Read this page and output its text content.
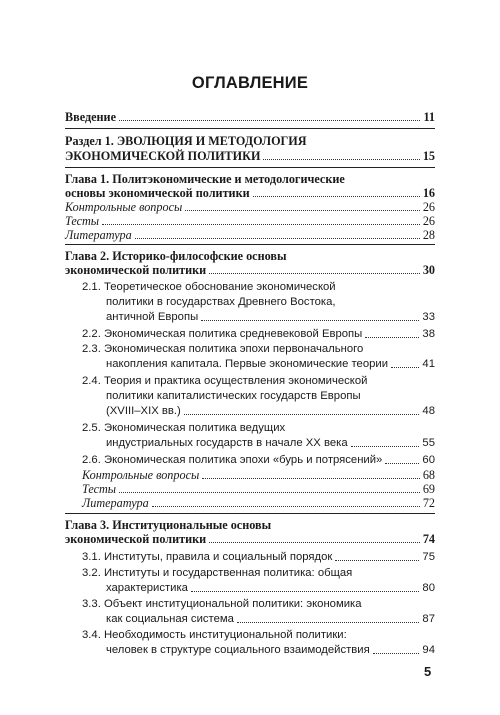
ОГЛАВЛЕНИЕ
Введение	11
Раздел 1. ЭВОЛЮЦИЯ И МЕТОДОЛОГИЯ
ЭКОНОМИЧЕСКОЙ ПОЛИТИКИ	15
Глава 1. Политэкономические и методологические
основы экономической политики	16
Контрольные вопросы	26
Тесты	26
Литература	28
Глава 2. Историко-философские основы
экономической политики	30
2.1. Теоретическое обоснование экономической
политики в государствах Древнего Востока,
античной Европы	33
2.2. Экономическая политика средневековой Европы	38
2.3. Экономическая политика эпохи первоначального
накопления капитала. Первые экономические теории	41
2.4. Теория и практика осуществления экономической
политики капиталистических государств Европы
(XVIII–XIX вв.)	48
2.5. Экономическая политика ведущих
индустриальных государств в начале XX века	55
2.6. Экономическая политика эпохи «бурь и потрясений»	60
Контрольные вопросы	68
Тесты	69
Литература	72
Глава 3. Институциональные основы
экономической политики	74
3.1. Институты, правила и социальный порядок	75
3.2. Институты и государственная политика: общая
характеристика	80
3.3. Объект институциональной политики: экономика
как социальная система	87
3.4. Необходимость институциональной политики:
человек в структуре социального взаимодействия	94
5
